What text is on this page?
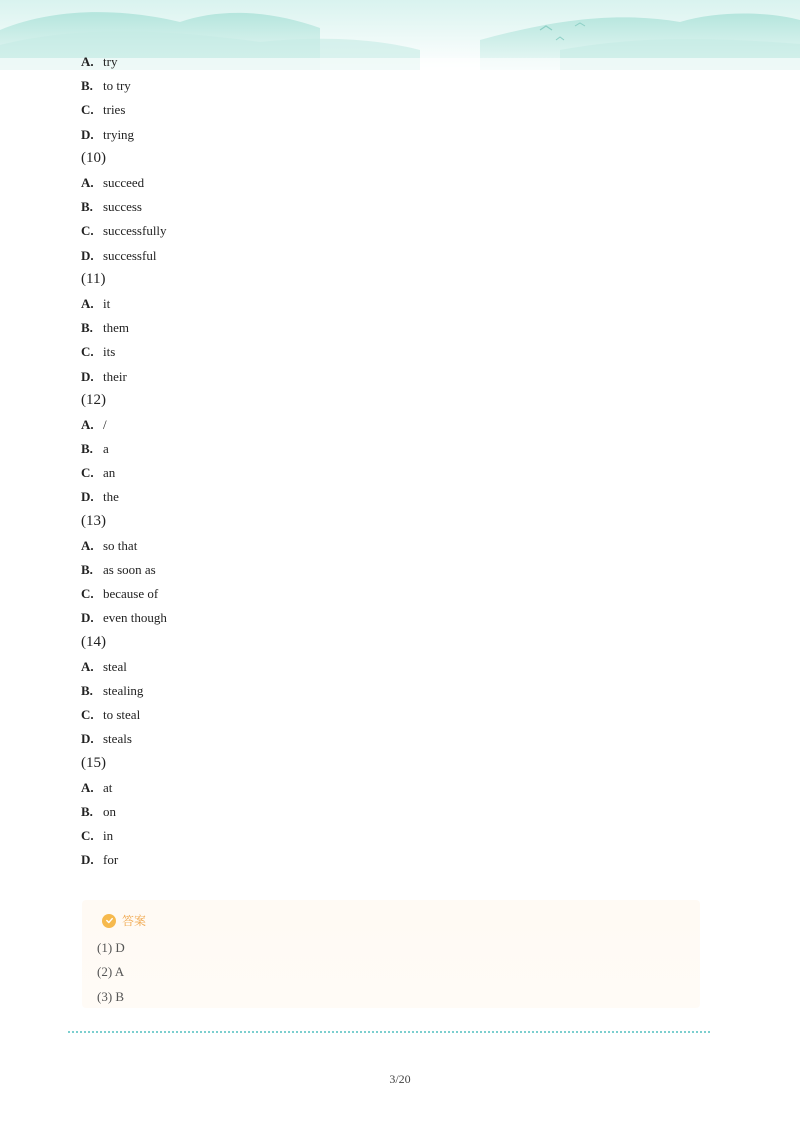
A. try
B. to try
C. tries
D. trying
(10)
A. succeed
B. success
C. successfully
D. successful
(11)
A. it
B. them
C. its
D. their
(12)
A. /
B. a
C. an
D. the
(13)
A. so that
B. as soon as
C. because of
D. even though
(14)
A. steal
B. stealing
C. to steal
D. steals
(15)
A. at
B. on
C. in
D. for
答案
(1) D
(2) A
(3) B
3/20
